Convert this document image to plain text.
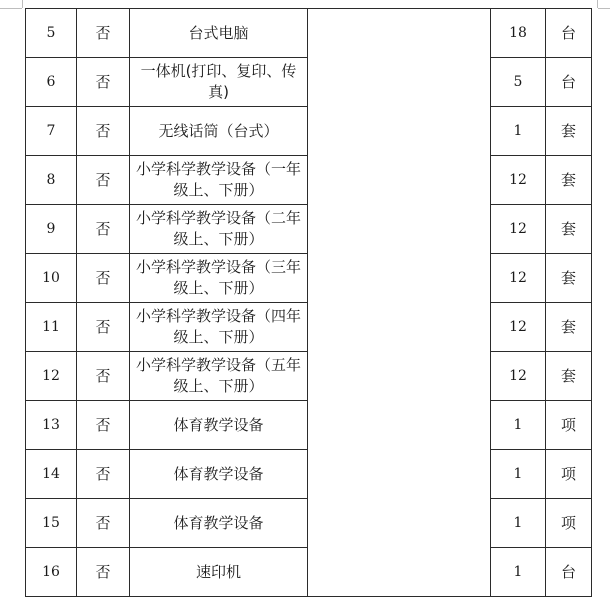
5	否	台式电脑		18	台
6	否	一体机(打印、复印、传真)		5	台
7	否	无线话筒（台式）		1	套
8	否	小学科学教学设备（一年级上、下册）		12	套
9	否	小学科学教学设备（二年级上、下册）		12	套
10	否	小学科学教学设备（三年级上、下册）		12	套
11	否	小学科学教学设备（四年级上、下册）		12	套
12	否	小学科学教学设备（五年级上、下册）		12	套
13	否	体育教学设备		1	项
14	否	体育教学设备		1	项
15	否	体育教学设备		1	项
16	否	速印机		1	台
